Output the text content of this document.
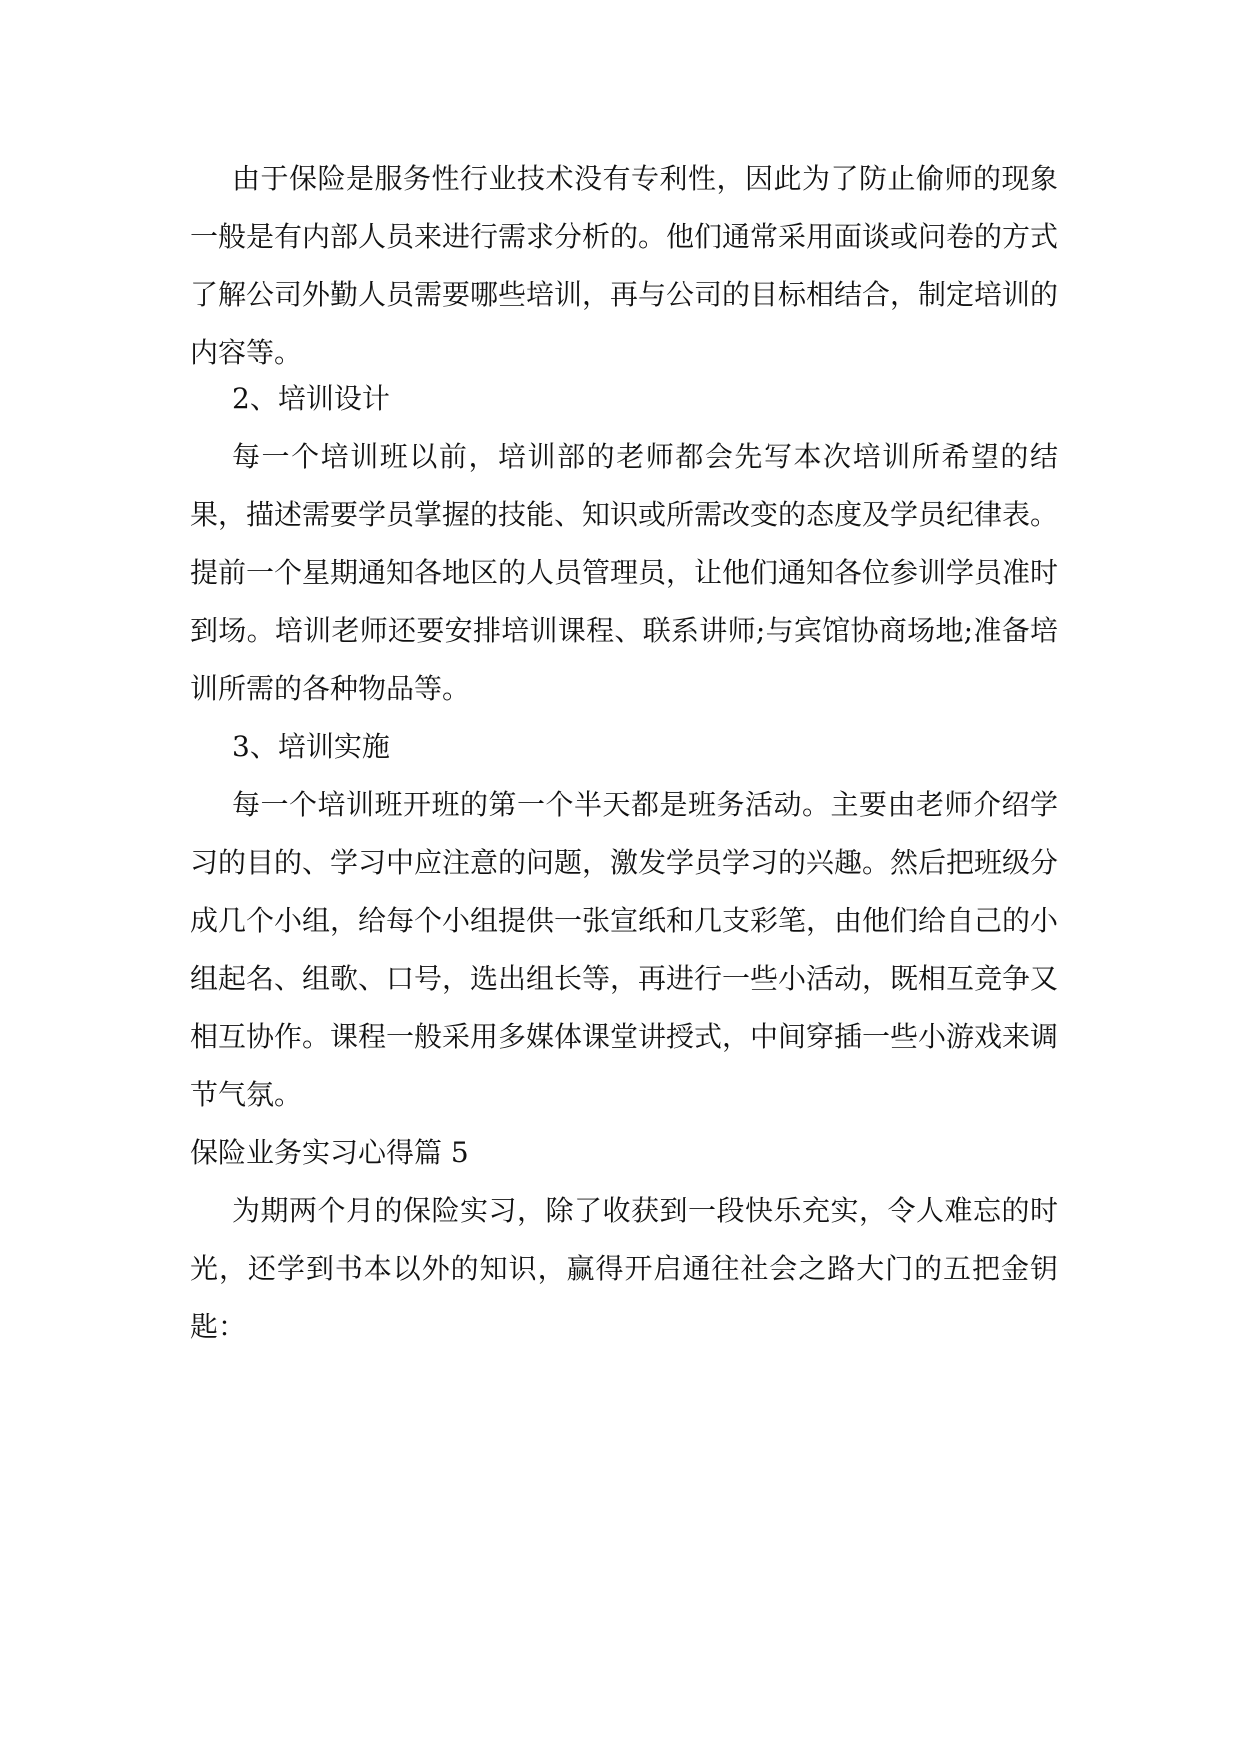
由于保险是服务性行业技术没有专利性，因此为了防止偷师的现象一般是有内部人员来进行需求分析的。他们通常采用面谈或问卷的方式了解公司外勤人员需要哪些培训，再与公司的目标相结合，制定培训的内容等。

2、培训设计

每一个培训班以前，培训部的老师都会先写本次培训所希望的结果，描述需要学员掌握的技能、知识或所需改变的态度及学员纪律表。提前一个星期通知各地区的人员管理员，让他们通知各位参训学员准时到场。培训老师还要安排培训课程、联系讲师;与宾馆协商场地;准备培训所需的各种物品等。

3、培训实施

每一个培训班开班的第一个半天都是班务活动。主要由老师介绍学习的目的、学习中应注意的问题，激发学员学习的兴趣。然后把班级分成几个小组，给每个小组提供一张宣纸和几支彩笔，由他们给自己的小组起名、组歌、口号，选出组长等，再进行一些小活动，既相互竞争又相互协作。课程一般采用多媒体课堂讲授式，中间穿插一些小游戏来调节气氛。

保险业务实习心得篇 5

为期两个月的保险实习，除了收获到一段快乐充实，令人难忘的时光，还学到书本以外的知识，赢得开启通往社会之路大门的五把金钥匙：
